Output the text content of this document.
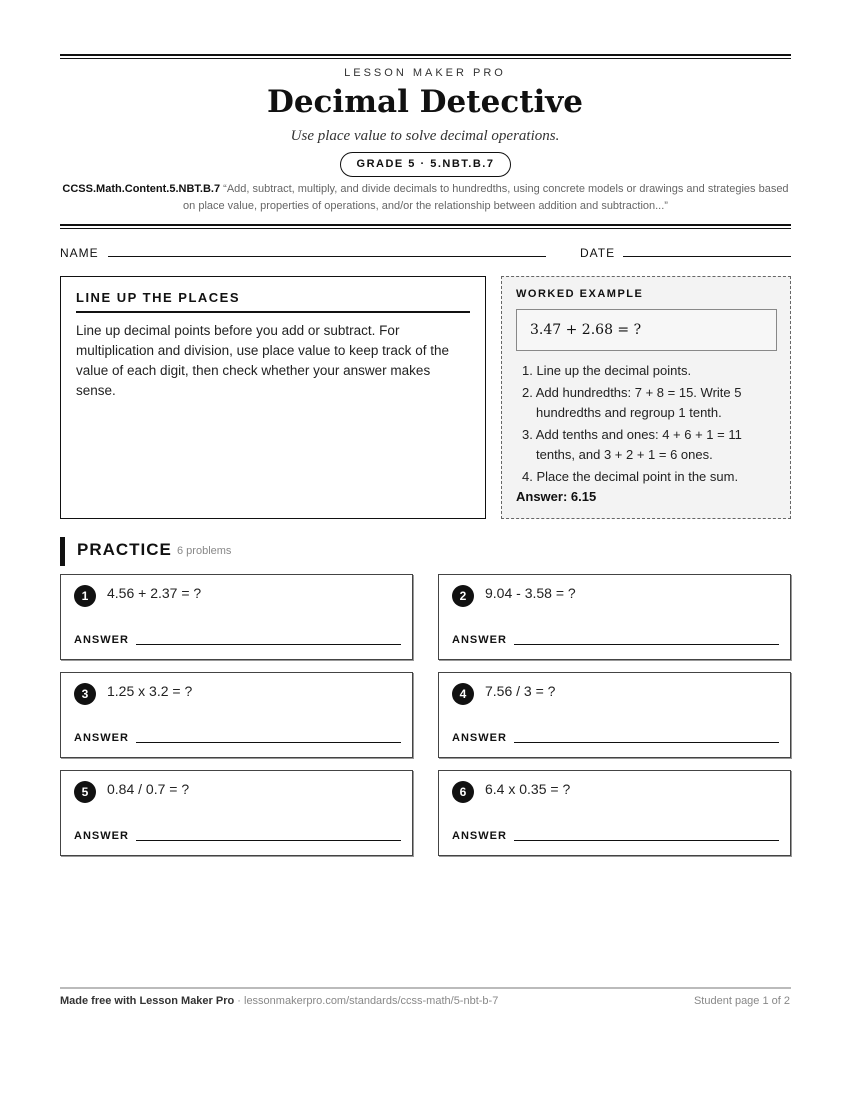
LESSON MAKER PRO
Decimal Detective
Use place value to solve decimal operations.
GRADE 5 · 5.NBT.B.7
CCSS.Math.Content.5.NBT.B.7 “Add, subtract, multiply, and divide decimals to hundredths, using concrete models or drawings and strategies based on place value, properties of operations, and/or the relationship between addition and subtraction...”
NAME	DATE
LINE UP THE PLACES
Line up decimal points before you add or subtract. For multiplication and division, use place value to keep track of the value of each digit, then check whether your answer makes sense.
WORKED EXAMPLE
3.47 + 2.68 = ?
1. Line up the decimal points.
2. Add hundredths: 7 + 8 = 15. Write 5 hundredths and regroup 1 tenth.
3. Add tenths and ones: 4 + 6 + 1 = 11 tenths, and 3 + 2 + 1 = 6 ones.
4. Place the decimal point in the sum.
Answer: 6.15
PRACTICE 6 problems
1	4.56 + 2.37 = ?
ANSWER
2	9.04 - 3.58 = ?
ANSWER
3	1.25 x 3.2 = ?
ANSWER
4	7.56 / 3 = ?
ANSWER
5	0.84 / 0.7 = ?
ANSWER
6	6.4 x 0.35 = ?
ANSWER
Made free with Lesson Maker Pro · lessonmakerpro.com/standards/ccss-math/5-nbt-b-7	Student page 1 of 2
